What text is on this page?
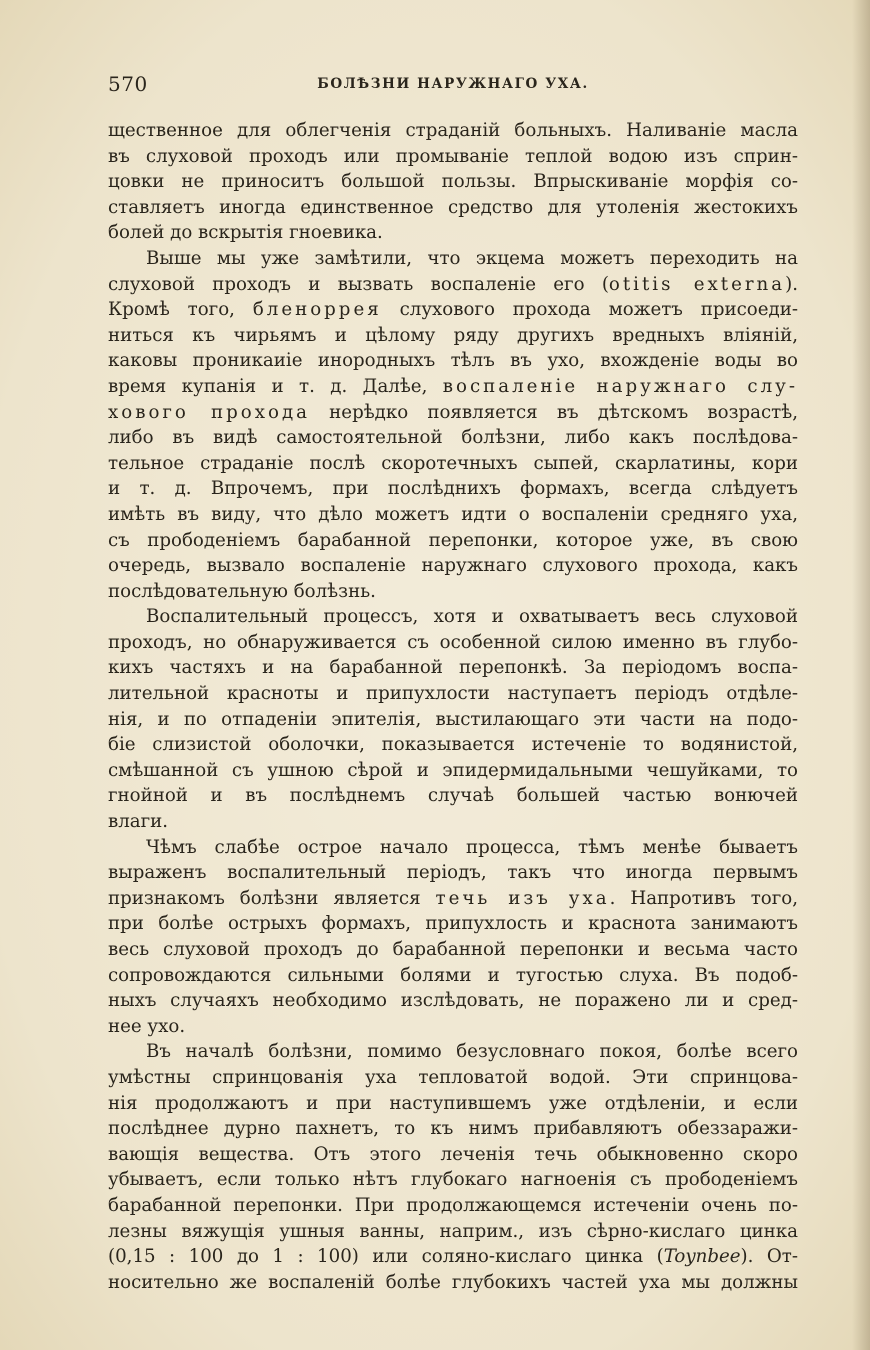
570	БОЛѢЗНИ НАРУЖНАГО УХА.
щественное для облегченія страданій больныхъ. Наливаніе масла
въ слуховой проходъ или промываніе теплой водою изъ сприн-
цовки не приноситъ большой пользы. Впрыскиваніе морфія со-
ставляетъ иногда единственное средство для утоленія жестокихъ
болей до вскрытія гноевика.
Выше мы уже замѣтили, что экцема можетъ переходить на
слуховой проходъ и вызвать воспаленіе его (otitis externa).
Кромѣ того, бленоррея слухового прохода можетъ присоеди-
ниться къ чирьямъ и цѣлому ряду другихъ вредныхъ вліяній,
каковы проникаиіе инородныхъ тѣлъ въ ухо, вхожденіе воды во
время купанія и т. д. Далѣе, воспаленіе наружнаго слу-
хового прохода нерѣдко появляется въ дѣтскомъ возрастѣ,
либо въ видѣ самостоятельной болѣзни, либо какъ послѣдова-
тельное страданіе послѣ скоротечныхъ сыпей, скарлатины, кори
и т. д. Впрочемъ, при послѣднихъ формахъ, всегда слѣдуетъ
имѣть въ виду, что дѣло можетъ идти о воспаленіи средняго уха,
съ прободеніемъ барабанной перепонки, которое уже, въ свою
очередь, вызвало воспаленіе наружнаго слухового прохода, какъ
послѣдовательную болѣзнь.
Воспалительный процессъ, хотя и охватываетъ весь слуховой
проходъ, но обнаруживается съ особенной силою именно въ глубо-
кихъ частяхъ и на барабанной перепонкѣ. За періодомъ воспа-
лительной красноты и припухлости наступаетъ періодъ отдѣле-
нія, и по отпаденіи эпителія, выстилающаго эти части на подо-
біе слизистой оболочки, показывается истеченіе то водянистой,
смѣшанной съ ушною сѣрой и эпидермидальными чешуйками, то
гнойной и въ послѣднемъ случаѣ большей частью вонючей
влаги.
Чѣмъ слабѣе острое начало процесса, тѣмъ менѣе бываетъ
выраженъ воспалительный періодъ, такъ что иногда первымъ
признакомъ болѣзни является течь изъ уха. Напротивъ того,
при болѣе острыхъ формахъ, припухлость и краснота занимаютъ
весь слуховой проходъ до барабанной перепонки и весьма часто
сопровождаются сильными болями и тугостью слуха. Въ подоб-
ныхъ случаяхъ необходимо изслѣдовать, не поражено ли и сред-
нее ухо.
Въ началѣ болѣзни, помимо безусловнаго покоя, болѣе всего
умѣстны спринцованія уха тепловатой водой. Эти спринцова-
нія продолжаютъ и при наступившемъ уже отдѣленіи, и если
послѣднее дурно пахнетъ, то къ нимъ прибавляютъ обеззаражи-
вающія вещества. Отъ этого леченія течь обыкновенно скоро
убываетъ, если только нѣтъ глубокаго нагноенія съ прободеніемъ
барабанной перепонки. При продолжающемся истеченіи очень по-
лезны вяжущія ушныя ванны, наприм., изъ сѣрно-кислаго цинка
(0,15 : 100 до 1 : 100) или соляно-кислаго цинка (Toynbee). От-
носительно же воспаленій болѣе глубокихъ частей уха мы должны
